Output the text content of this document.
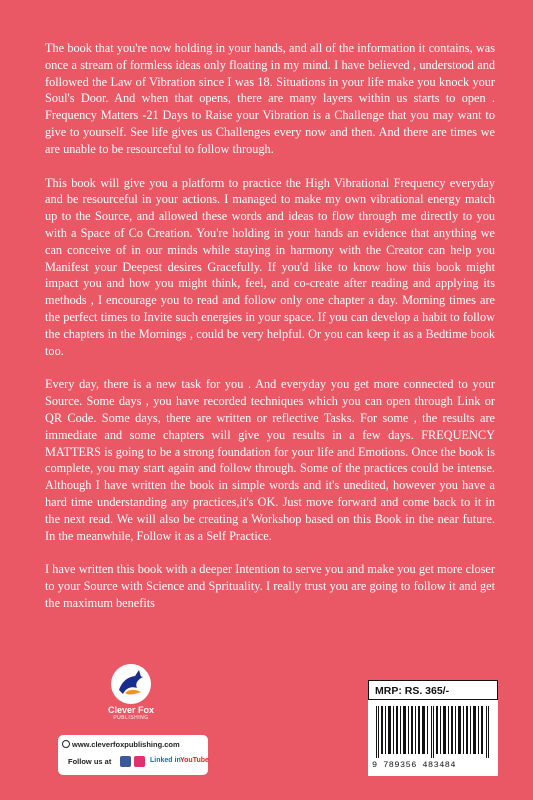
The book that you're now holding in your hands, and all of the information it contains, was once a stream of formless ideas only floating in my mind. I have believed , understood and followed the Law of Vibration since I was 18. Situations in your life make you knock your Soul's Door. And when that opens, there are many layers within us starts to open . Frequency Matters -21 Days to Raise your Vibration is a Challenge that you may want to give to yourself. See life gives us Challenges every now and then. And there are times we are unable to be resourceful to follow through.

This book will give you a platform to practice the High Vibrational Frequency everyday and be resourceful in your actions. I managed to make my own vibrational energy match up to the Source, and allowed these words and ideas to flow through me directly to you with a Space of Co Creation. You're holding in your hands an evidence that anything we can conceive of in our minds while staying in harmony with the Creator can help you Manifest your Deepest desires Gracefully. If you'd like to know how this book might impact you and how you might think, feel, and co-create after reading and applying its methods , I encourage you to read and follow only one chapter a day. Morning times are the perfect times to Invite such energies in your space. If you can develop a habit to follow the chapters in the Mornings , could be very helpful. Or you can keep it as a Bedtime book too.

Every day, there is a new task for you . And everyday you get more connected to your Source. Some days , you have recorded techniques which you can open through Link or QR Code. Some days, there are written or reflective Tasks. For some , the results are immediate and some chapters will give you results in a few days. FREQUENCY MATTERS is going to be a strong foundation for your life and Emotions. Once the book is complete, you may start again and follow through. Some of the practices could be intense. Although I have written the book in simple words and it's unedited, however you have a hard time understanding any practices,it's OK. Just move forward and come back to it in the next read. We will also be creating a Workshop based on this Book in the near future. In the meanwhile, Follow it as a Self Practice.

I have written this book with a deeper Intention to serve you and make you get more closer to your Source with Science and Sprituality. I really trust you are going to follow it and get the maximum benefits

Clever Fox
PUBLISHING
www.cleverfoxpublishing.com
Follow us at	Linked in YouTube
MRP: RS. 365/-
9 789356 483484
